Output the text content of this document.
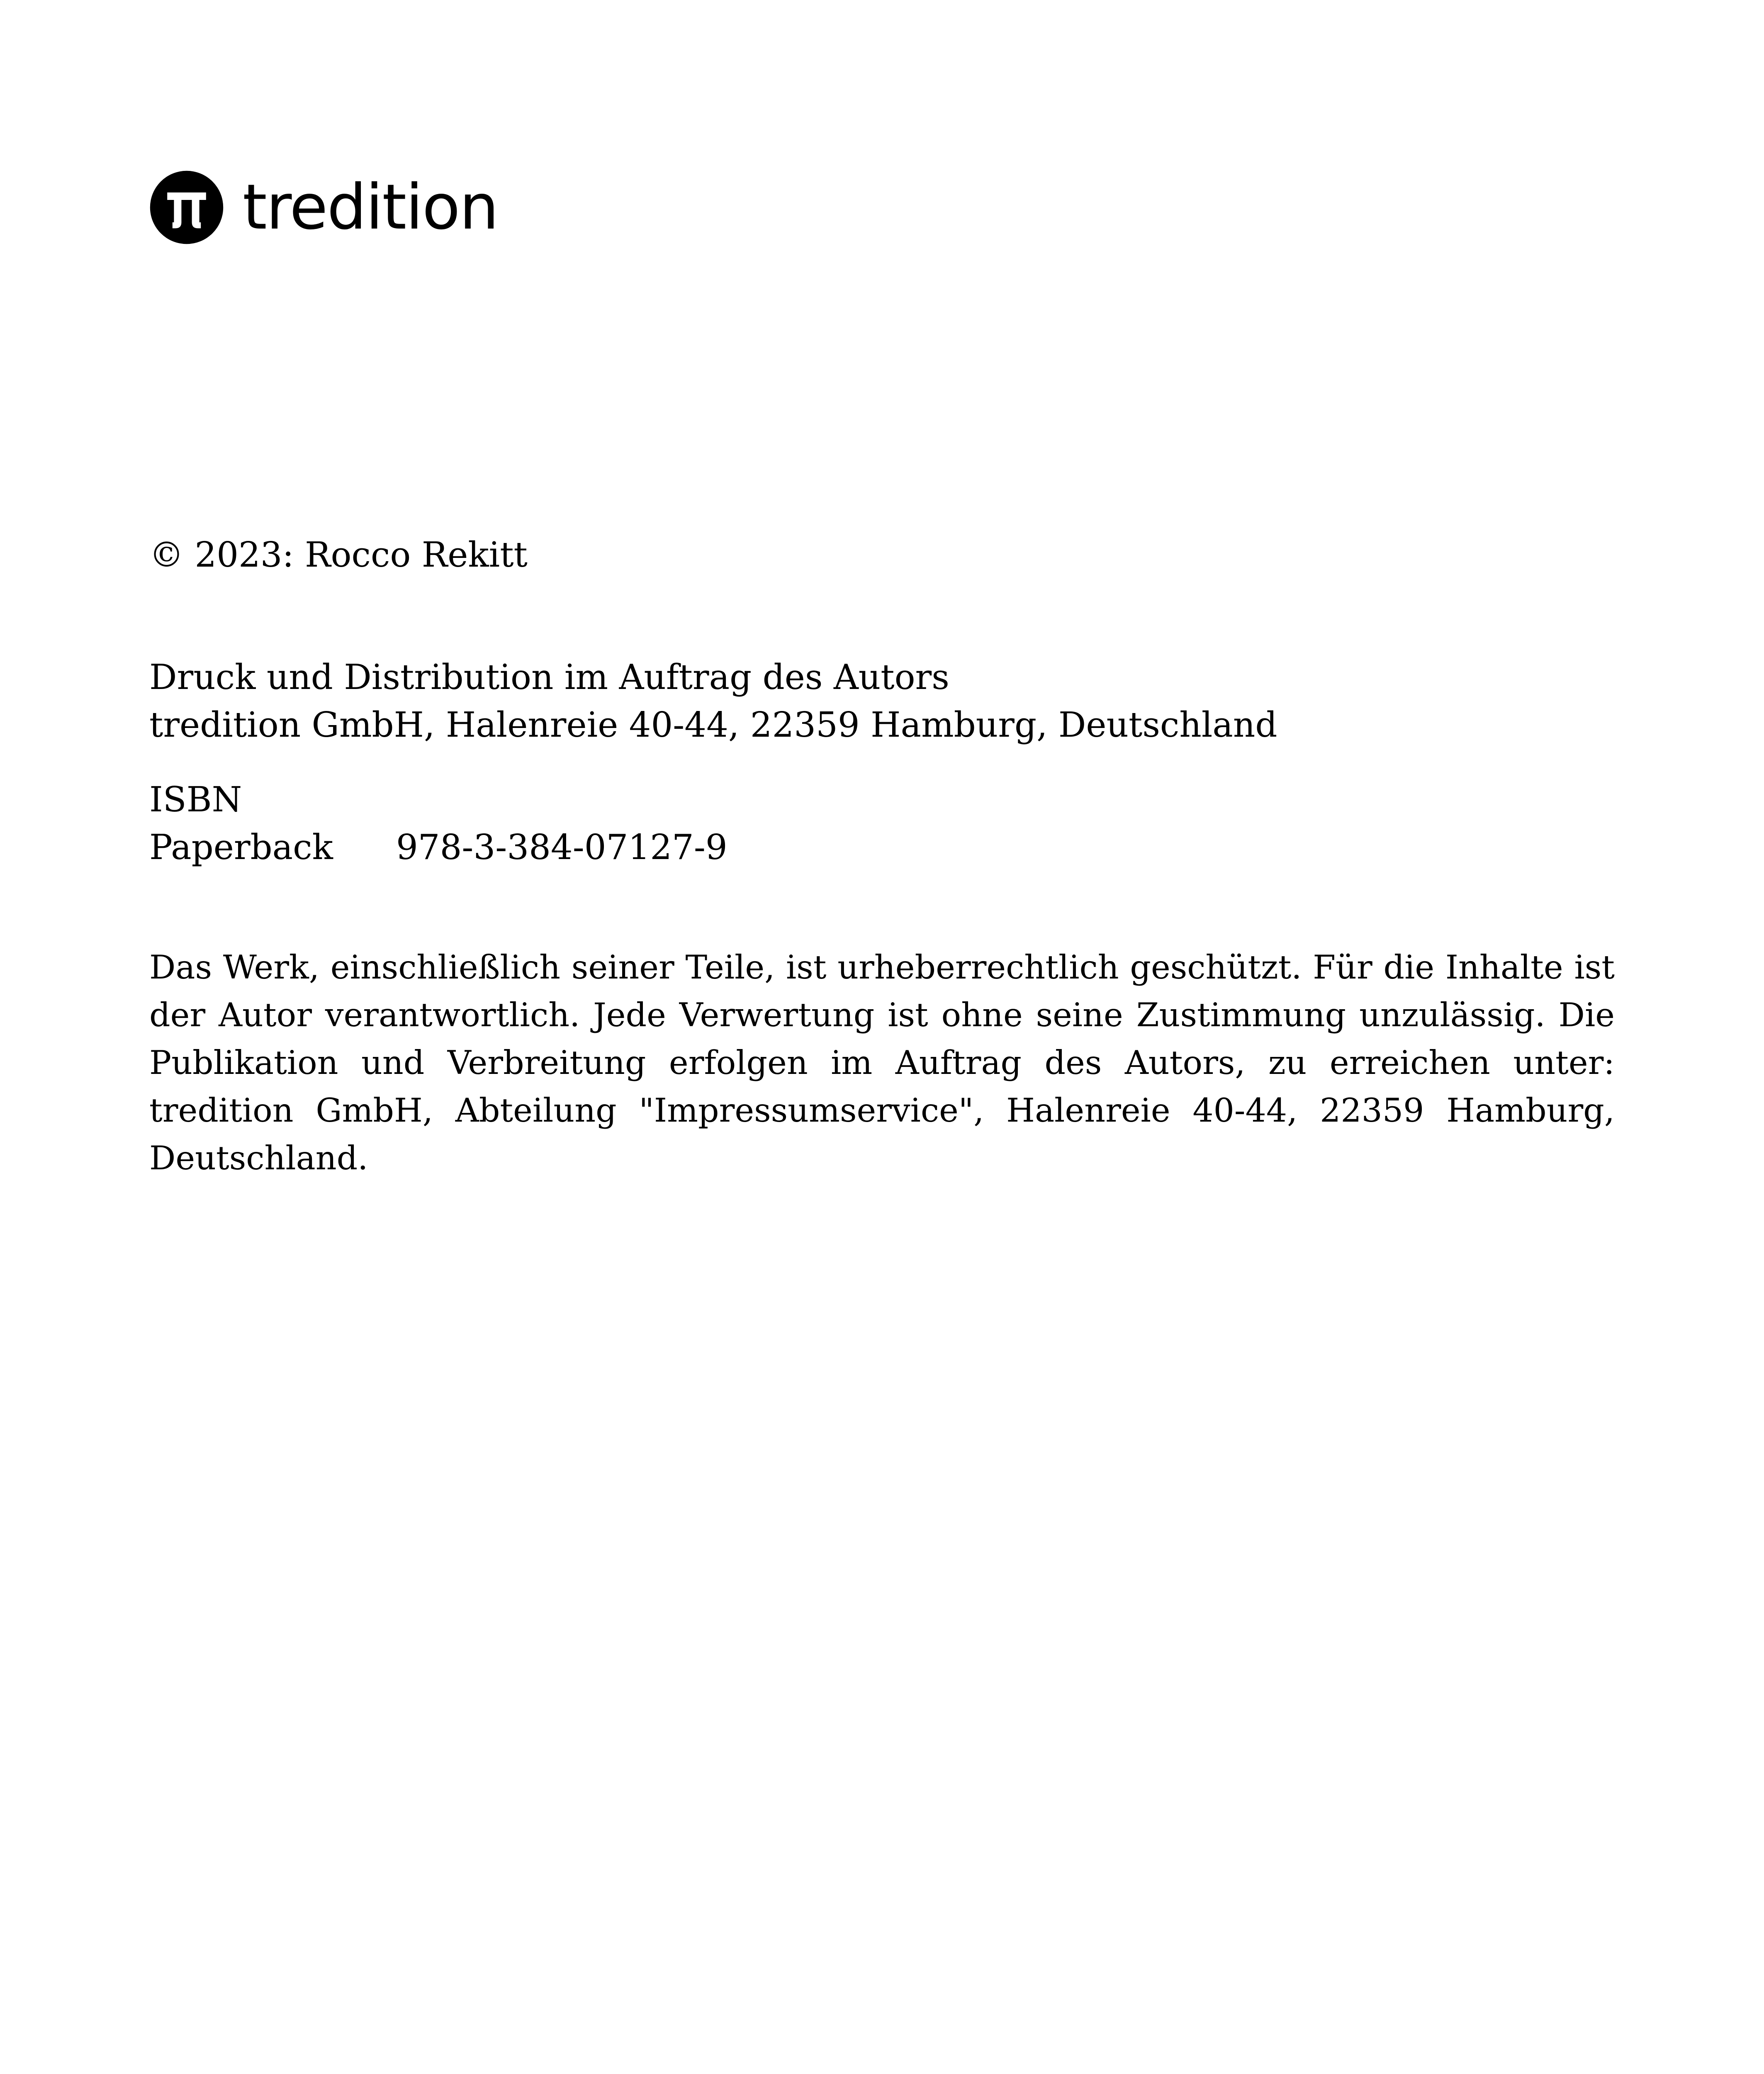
tredition
© 2023: Rocco Rekitt
Druck und Distribution im Auftrag des Autors
tredition GmbH, Halenreie 40-44, 22359 Hamburg, Deutschland
ISBN
Paperback	978-3-384-07127-9
Das Werk, einschließlich seiner Teile, ist urheberrechtlich geschützt. Für die Inhalte ist der Autor verantwortlich. Jede Verwertung ist ohne seine Zustimmung unzulässig. Die Publikation und Verbreitung erfolgen im Auftrag des Autors, zu erreichen unter: tredition GmbH, Abteilung "Impressumservice", Halenreie 40-44, 22359 Hamburg, Deutschland.
